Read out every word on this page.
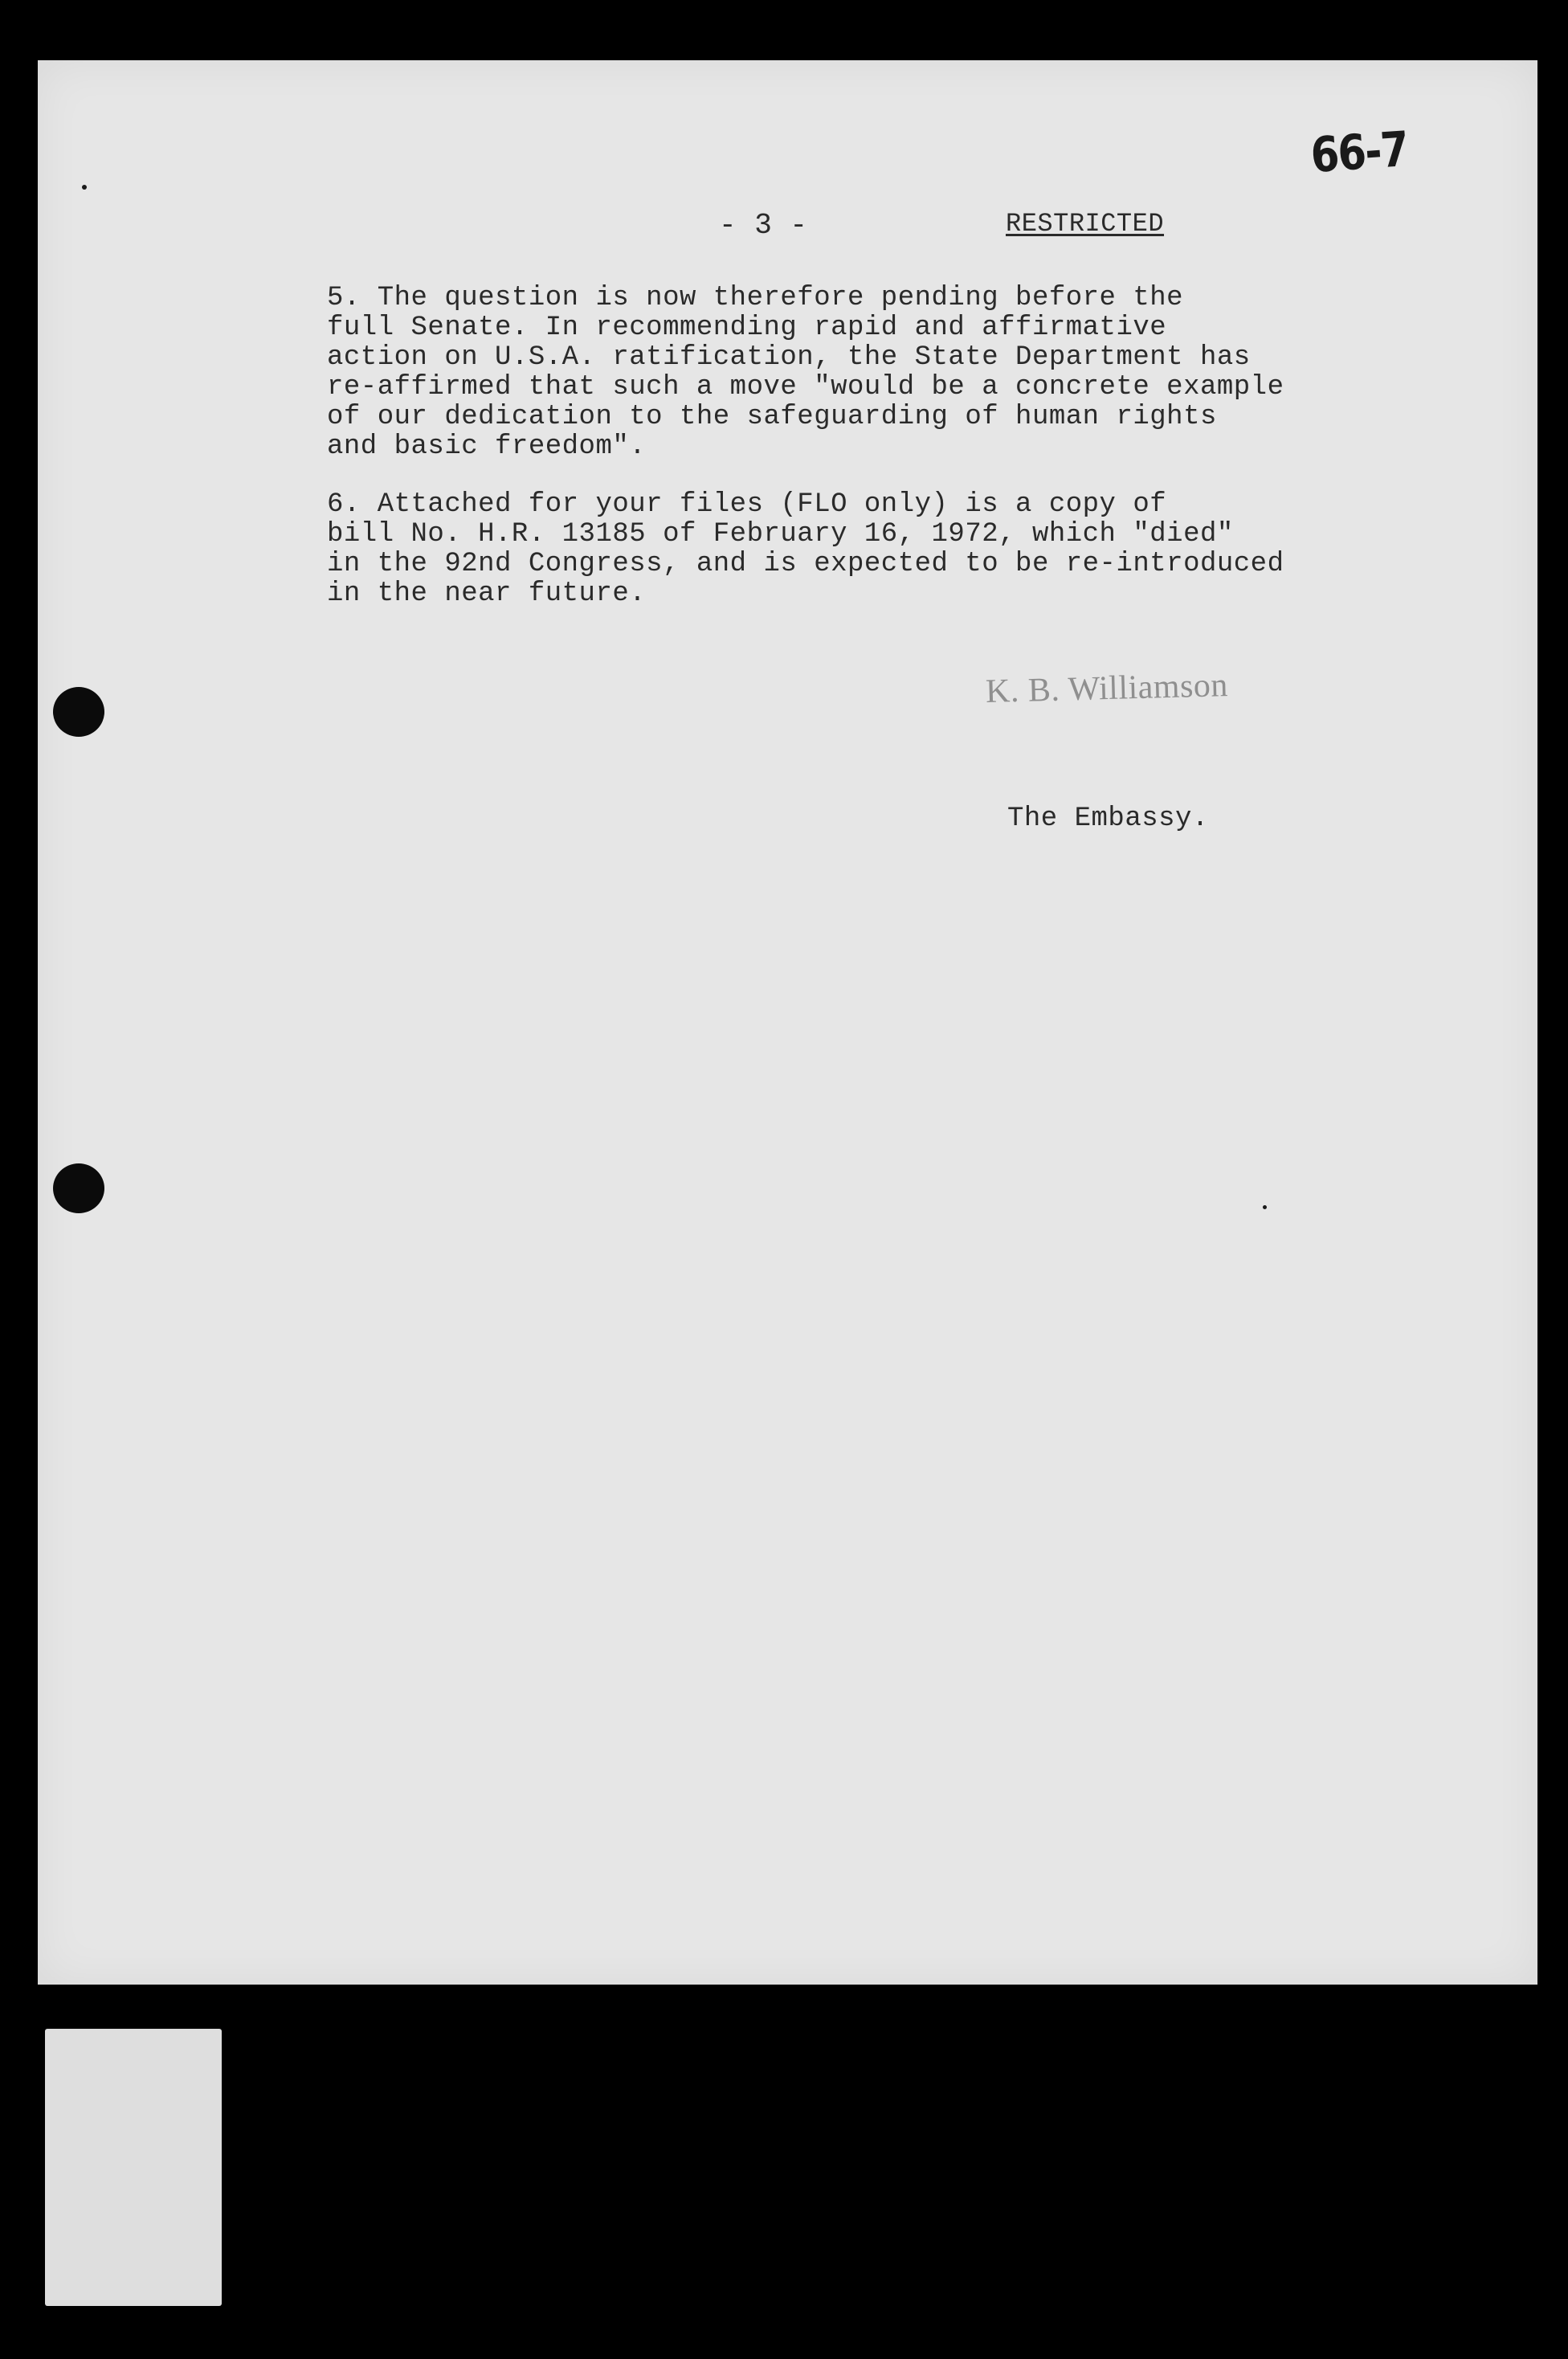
66-7
- 3 -	RESTRICTED
5. The question is now therefore pending before the
full Senate. In recommending rapid and affirmative
action on U.S.A. ratification, the State Department has
re-affirmed that such a move "would be a concrete example
of our dedication to the safeguarding of human rights
and basic freedom".
6. Attached for your files (FLO only) is a copy of
bill No. H.R. 13185 of February 16, 1972, which "died"
in the 92nd Congress, and is expected to be re-introduced
in the near future.
K. B. Williamson
The Embassy.
